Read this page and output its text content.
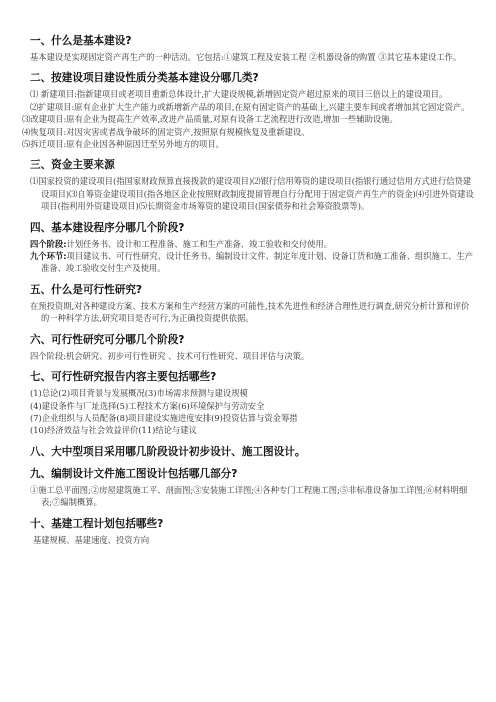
一、什么是基本建设?

基本建设是实现固定资产再生产的一种活动。它包括:①建筑工程及安装工程 ②机器设备的购置 ③其它基本建设工作。

二、按建设项目建设性质分类基本建设分哪几类?

⑴ 新建项目:指新建项目或老项目重新总体设计,扩大建设规模,新增固定资产超过原来的项目三倍以上的建设项目。

⑵扩建项目:原有企业扩大生产能力或新增新产品的项目,在原有固定资产的基础上,兴建主要车间或者增加其它固定资产。

⑶改建项目:原有企业为提高生产效率,改进产品质量,对原有设备工艺流程进行改造,增加一些辅助设施。

⑷恢复项目:对因灾害或者战争破坏的固定资产,按照原有规模恢复及重新建设。

⑸拆迁项目:原有企业因各种原因迁至另外地方的项目。

三、资金主要来源

⑴国家投资的建设项目(指国家财政预算直接拨款的建设项目)⑵银行信用筹资的建设项目(指银行通过信用方式进行信贷建设项目)⑶自筹资金建设项目(指各地区企业按照财政制度提留管理自行分配用于固定资产再生产的资金)⑷引进外资建设项目(指利用外资建设项目)⑸长期资金市场筹资的建设项目(国家债券和社会筹资股票等)。

四、基本建设程序分哪几个阶段?

四个阶段:计划任务书、设计和工程准备、施工和生产准备、竣工验收和交付使用。

九个环节:项目建议书、可行性研究、设计任务书、编制设计文件、制定年度计划、设备订货和施工准备、组织施工、生产准备、竣工验收交付生产及使用。

五、什么是可行性研究?

在预投资期,对各种建设方案、技术方案和生产经营方案的可能性,技术先进性和经济合理性进行调查,研究分析计算和评价的一种科学方法,研究项目是否可行,为正确投资提供依据。

六、可行性研究可分哪几个阶段?

四个阶段:机会研究、初步可行性研究 、技术可行性研究、项目评估与决策。

七、可行性研究报告内容主要包括哪些?

(1)总论(2)项目背景与发展概况(3)市场需求预测与建设规模

(4)建设条件与厂址选择(5)工程技术方案(6)环境保护与劳动安全

(7)企业组织与人员配备(8)项目建设实施进度安排(9)投资估算与资金筹措

(10)经济效益与社会效益评价(11)结论与建议

八、大中型项目采用哪几阶段设计初步设计、施工图设计。
九、编制设计文件施工图设计包括哪几部分?

①施工总平面图;②房屋建筑施工平、剖面图;③安装施工详图;④各种专门工程施工图;⑤非标准设备加工详图;⑥材料明细表;⑦编制概算。

十、基建工程计划包括哪些?

基建规模、基建速度、投资方向
